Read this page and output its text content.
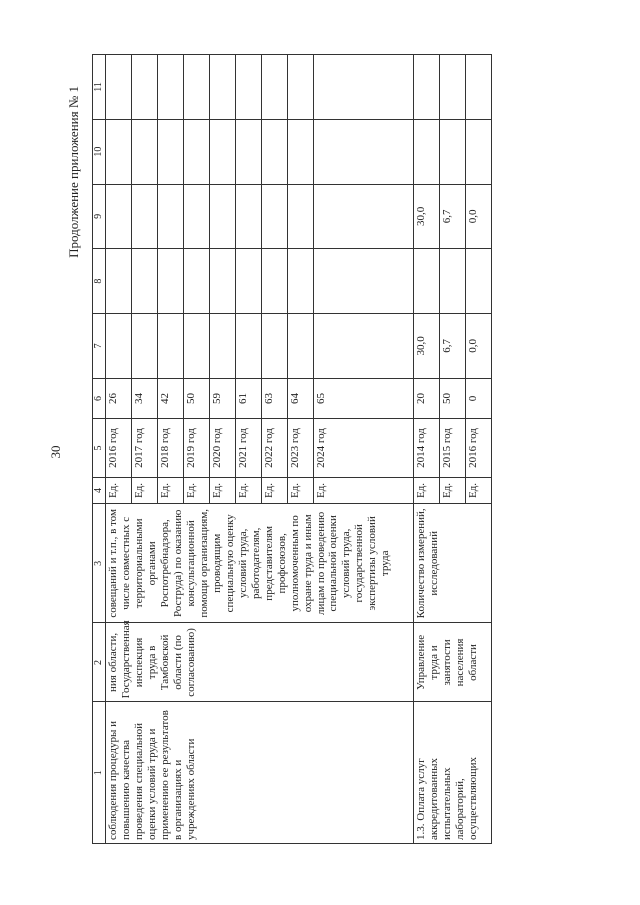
30
Продолжение приложения № 1
1	2	3	4	5	6	7	8	9	10	11
соблюдения процедуры и повышению качества проведения специальной оценки условий труда и применению ее результатов в организациях и учреждениях области	ния области, Государственная инспекция труда в Тамбовской области (по согласованию)	совещаний и т.п., в том числе совместных с территориальными органами Роспотребнадзора, Роструда) по оказанию консультационной помощи организациям, проводящим специальную оценку условий труда, работодателям, представителям профсоюзов, уполномоченным по охране труда и иным лицам по проведению специальной оценки условий труда, государственной экспертизы условий труда	Ед.	2016 год	26					
			Ед.	2017 год	34					
			Ед.	2018 год	42					
			Ед.	2019 год	50					
			Ед.	2020 год	59					
			Ед.	2021 год	61					
			Ед.	2022 год	63					
			Ед.	2023 год	64					
			Ед.	2024 год	65					
1.3. Оплата услуг аккредитованных испытательных лабораторий, осуществляющих	Управление труда и занятости населения области	Количество измерений, исследований	Ед.	2014 год	20	30,0		30,0		
			Ед.	2015 год	50	6,7		6,7		
			Ед.	2016 год	0	0,0		0,0		
